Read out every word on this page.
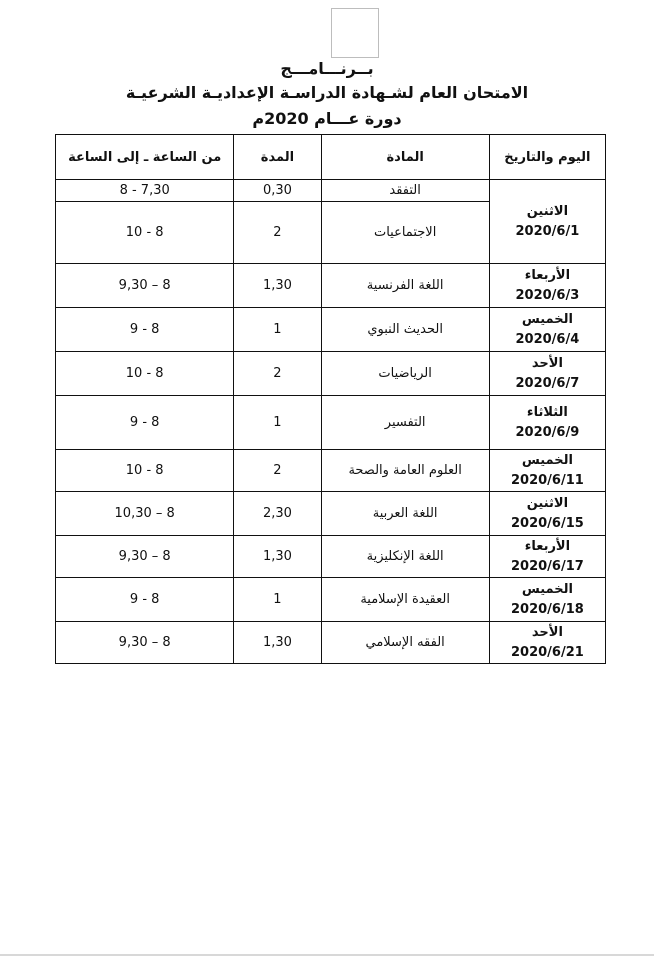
بــرنـــامـــج
الامتحان العام لشـهادة الدراسـة الإعداديـة الشرعيـة
دورة عـــام 2020م
اليوم والتاريخ	المادة	المدة	من الساعة ـ إلى الساعة

الاثنين
2020/6/1	التفقد	0,30	8 - 7,30
	الاجتماعيات	2	10 - 8

الأربعاء
2020/6/3	اللغة الفرنسية	1,30	9,30 – 8

الخميس
2020/6/4	الحديث النبوي	1	9 - 8

الأحد
2020/6/7	الرياضيات	2	10 - 8

الثلاثاء
2020/6/9	التفسير	1	9 - 8

الخميس
2020/6/11	العلوم العامة والصحة	2	10 - 8

الاثنين
2020/6/15	اللغة العربية	2,30	10,30 – 8

الأربعاء
2020/6/17	اللغة الإنكليزية	1,30	9,30 – 8

الخميس
2020/6/18	العقيدة الإسلامية	1	9 - 8

الأحد
2020/6/21	الفقه الإسلامي	1,30	9,30 – 8
